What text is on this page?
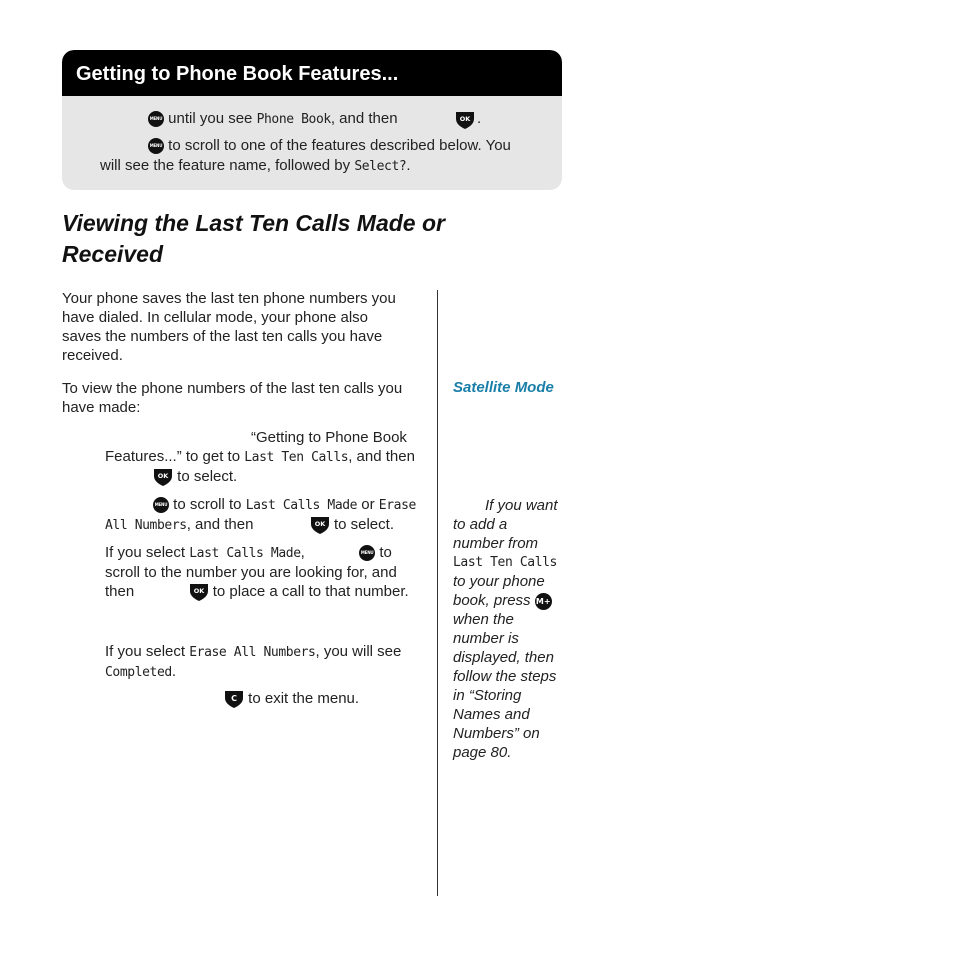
Getting to Phone Book Features...
MENU until you see Phone Book, and then	OK .
MENU to scroll to one of the features described below. You
will see the feature name, followed by Select?.
Viewing the Last Ten Calls Made or
Received
Your phone saves the last ten phone numbers you
have dialed. In cellular mode, your phone also
saves the numbers of the last ten calls you have
received.
To view the phone numbers of the last ten calls you
have made:
“Getting to Phone Book
Features...” to get to Last Ten Calls, and then
OK to select.
MENU to scroll to Last Calls Made or Erase
All Numbers, and then	OK to select.
If you select Last Calls Made,  MENU	to
scroll to the number you are looking for, and
then	OK to place a call to that number.
If you select Erase All Numbers, you will see
Completed.
C to exit the menu.
Satellite Mode
If you want
to add a
number from
Last Ten Calls
to your phone
book, press M+
when the
number is
displayed, then
follow the steps
in “Storing
Names and
Numbers” on
page 80.
